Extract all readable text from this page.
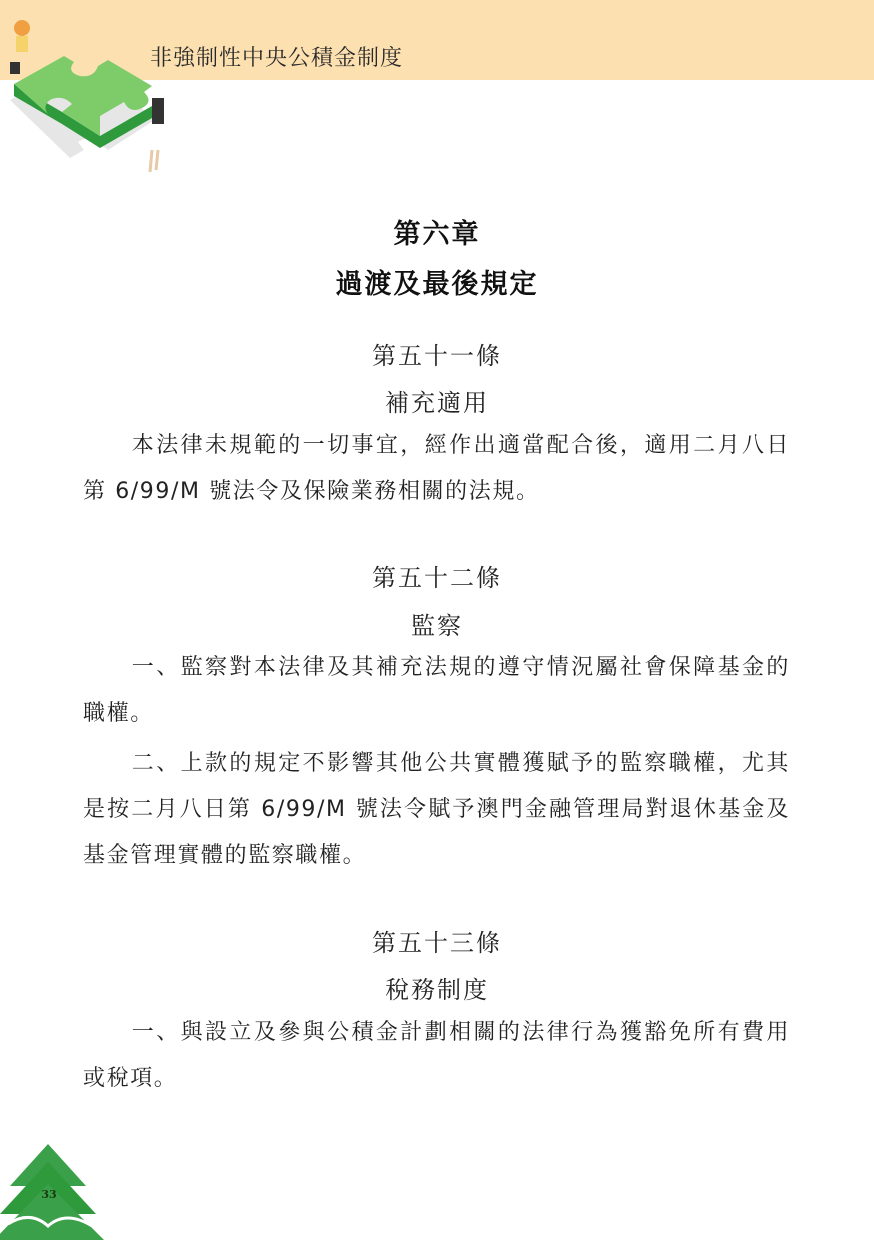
非強制性中央公積金制度
第六章
過渡及最後規定
第五十一條
補充適用
本法律未規範的一切事宜，經作出適當配合後，適用二月八日第 6/99/M 號法令及保險業務相關的法規。
第五十二條
監察
一、監察對本法律及其補充法規的遵守情況屬社會保障基金的職權。
二、上款的規定不影響其他公共實體獲賦予的監察職權，尤其是按二月八日第 6/99/M 號法令賦予澳門金融管理局對退休基金及基金管理實體的監察職權。
第五十三條
稅務制度
一、與設立及參與公積金計劃相關的法律行為獲豁免所有費用或稅項。
33
